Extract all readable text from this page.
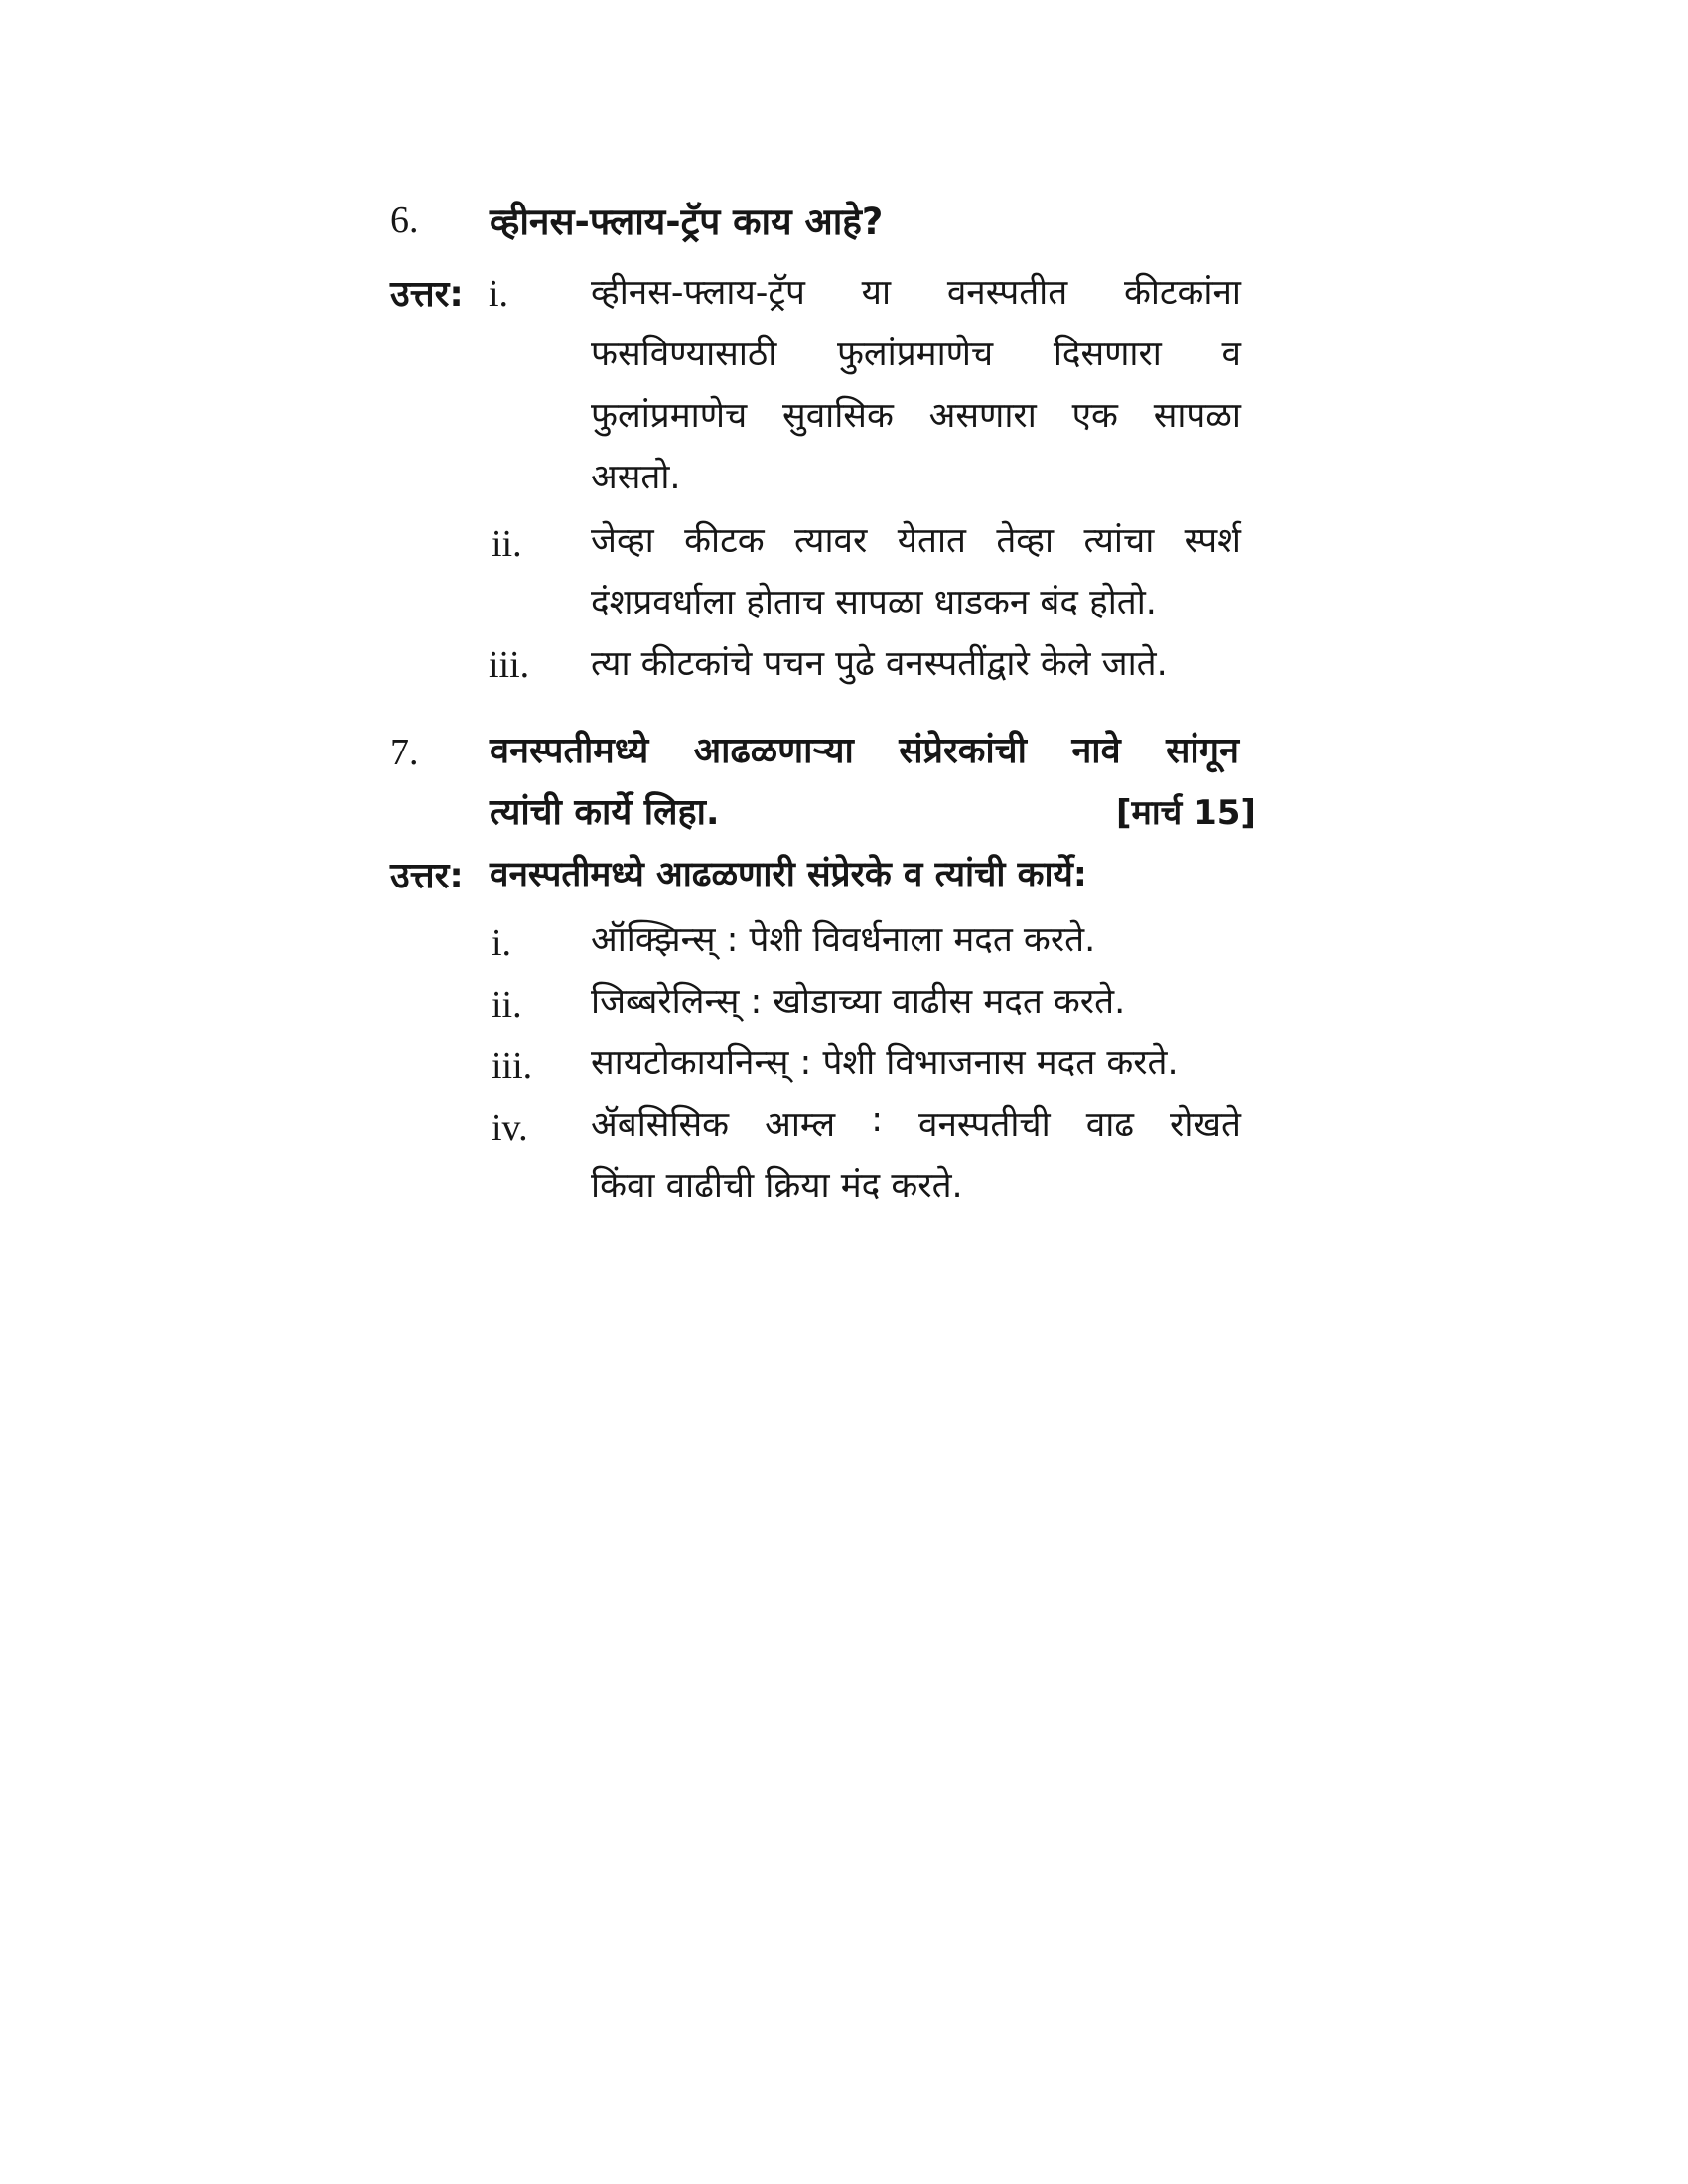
6. व्हीनस-फ्लाय-ट्रॅप काय आहे?
उत्तर: i. व्हीनस-फ्लाय-ट्रॅप या वनस्पतीत कीटकांना
फसविण्यासाठी फुलांप्रमाणेच दिसणारा व
फुलांप्रमाणेच सुवासिक असणारा एक सापळा
असतो.
ii. जेव्हा कीटक त्यावर येतात तेव्हा त्यांचा स्पर्श
दंशप्रवर्धाला होताच सापळा धाडकन बंद होतो.
iii. त्या कीटकांचे पचन पुढे वनस्पतींद्वारे केले जाते.
7. वनस्पतीमध्ये आढळणाऱ्या संप्रेरकांची नावे सांगून
त्यांची कार्ये लिहा.	[मार्च 15]
उत्तर: वनस्पतीमध्ये आढळणारी संप्रेरके व त्यांची कार्ये:
i. ऑक्झिन्स् : पेशी विवर्धनाला मदत करते.
ii. जिब्बरेलिन्स् : खोडाच्या वाढीस मदत करते.
iii. सायटोकायनिन्स् : पेशी विभाजनास मदत करते.
iv. ॲबसिसिक आम्ल : वनस्पतीची वाढ रोखते
किंवा वाढीची क्रिया मंद करते.
